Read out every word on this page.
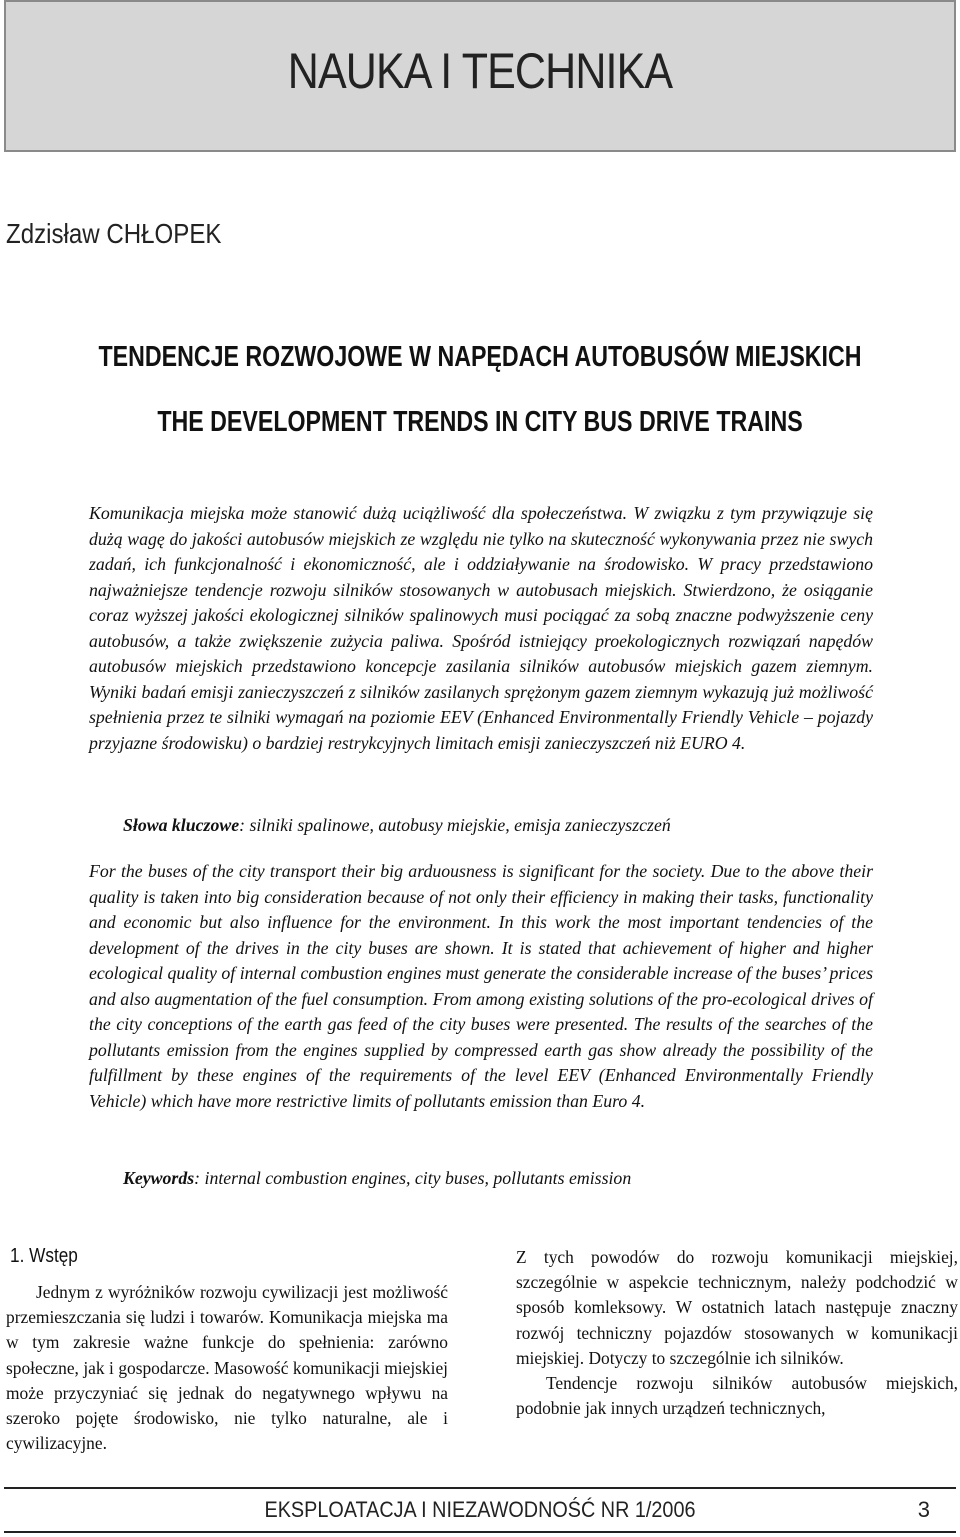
NAUKA I TECHNIKA
Zdzisław CHŁOPEK
TENDENCJE ROZWOJOWE W NAPĘDACH AUTOBUSÓW MIEJSKICH
THE DEVELOPMENT TRENDS IN CITY BUS DRIVE TRAINS
Komunikacja miejska może stanowić dużą uciążliwość dla społeczeństwa. W związku z tym przywiązuje się dużą wagę do jakości autobusów miejskich ze względu nie tylko na skuteczność wykonywania przez nie swych zadań, ich funkcjonalność i ekonomiczność, ale i oddziaływanie na środowisko. W pracy przedstawiono najważniejsze tendencje rozwoju silników stosowanych w autobusach miejskich. Stwierdzono, że osiąganie coraz wyższej jakości ekologicznej silników spalinowych musi pociągać za sobą znaczne podwyższenie ceny autobusów, a także zwiększenie zużycia paliwa. Spośród istniejący proekologicznych rozwiązań napędów autobusów miejskich przedstawiono koncepcje zasilania silników autobusów miejskich gazem ziemnym. Wyniki badań emisji zanieczyszczeń z silników zasilanych sprężonym gazem ziemnym wykazują już możliwość spełnienia przez te silniki wymagań na poziomie EEV (Enhanced Environmentally Friendly Vehicle – pojazdy przyjazne środowisku) o bardziej restrykcyjnych limitach emisji zanieczyszczeń niż EURO 4.
Słowa kluczowe: silniki spalinowe, autobusy miejskie, emisja zanieczyszczeń
For the buses of the city transport their big arduousness is significant for the society. Due to the above their quality is taken into big consideration because of not only their efficiency in making their tasks, functionality and economic but also influence for the environment. In this work the most important tendencies of the development of the drives in the city buses are shown. It is stated that achievement of higher and higher ecological quality of internal combustion engines must generate the considerable increase of the buses’ prices and also augmentation of the fuel consumption. From among existing solutions of the pro-ecological drives of the city conceptions of the earth gas feed of the city buses were presented. The results of the searches of the pollutants emission from the engines supplied by compressed earth gas show already the possibility of the fulfillment by these engines of the requirements of the level EEV (Enhanced Environmentally Friendly Vehicle) which have more restrictive limits of pollutants emission than Euro 4.
Keywords: internal combustion engines, city buses, pollutants emission
1. Wstęp

Jednym z wyróżników rozwoju cywilizacji jest możliwość przemieszczania się ludzi i towarów. Komunikacja miejska ma w tym zakresie ważne funkcje do spełnienia: zarówno społeczne, jak i gospodarcze. Masowość komunikacji miejskiej może przyczyniać się jednak do negatywnego wpływu na szeroko pojęte środowisko, nie tylko naturalne, ale i cywilizacyjne.

Z tych powodów do rozwoju komunikacji miejskiej, szczególnie w aspekcie technicznym, należy podchodzić w sposób komleksowy. W ostatnich latach następuje znaczny rozwój techniczny pojazdów stosowanych w komunikacji miejskiej. Dotyczy to szczególnie ich silników.

Tendencje rozwoju silników autobusów miejskich, podobnie jak innych urządzeń technicznych,

EKSPLOATACJA I NIEZAWODNOŚĆ NR 1/2006	3
